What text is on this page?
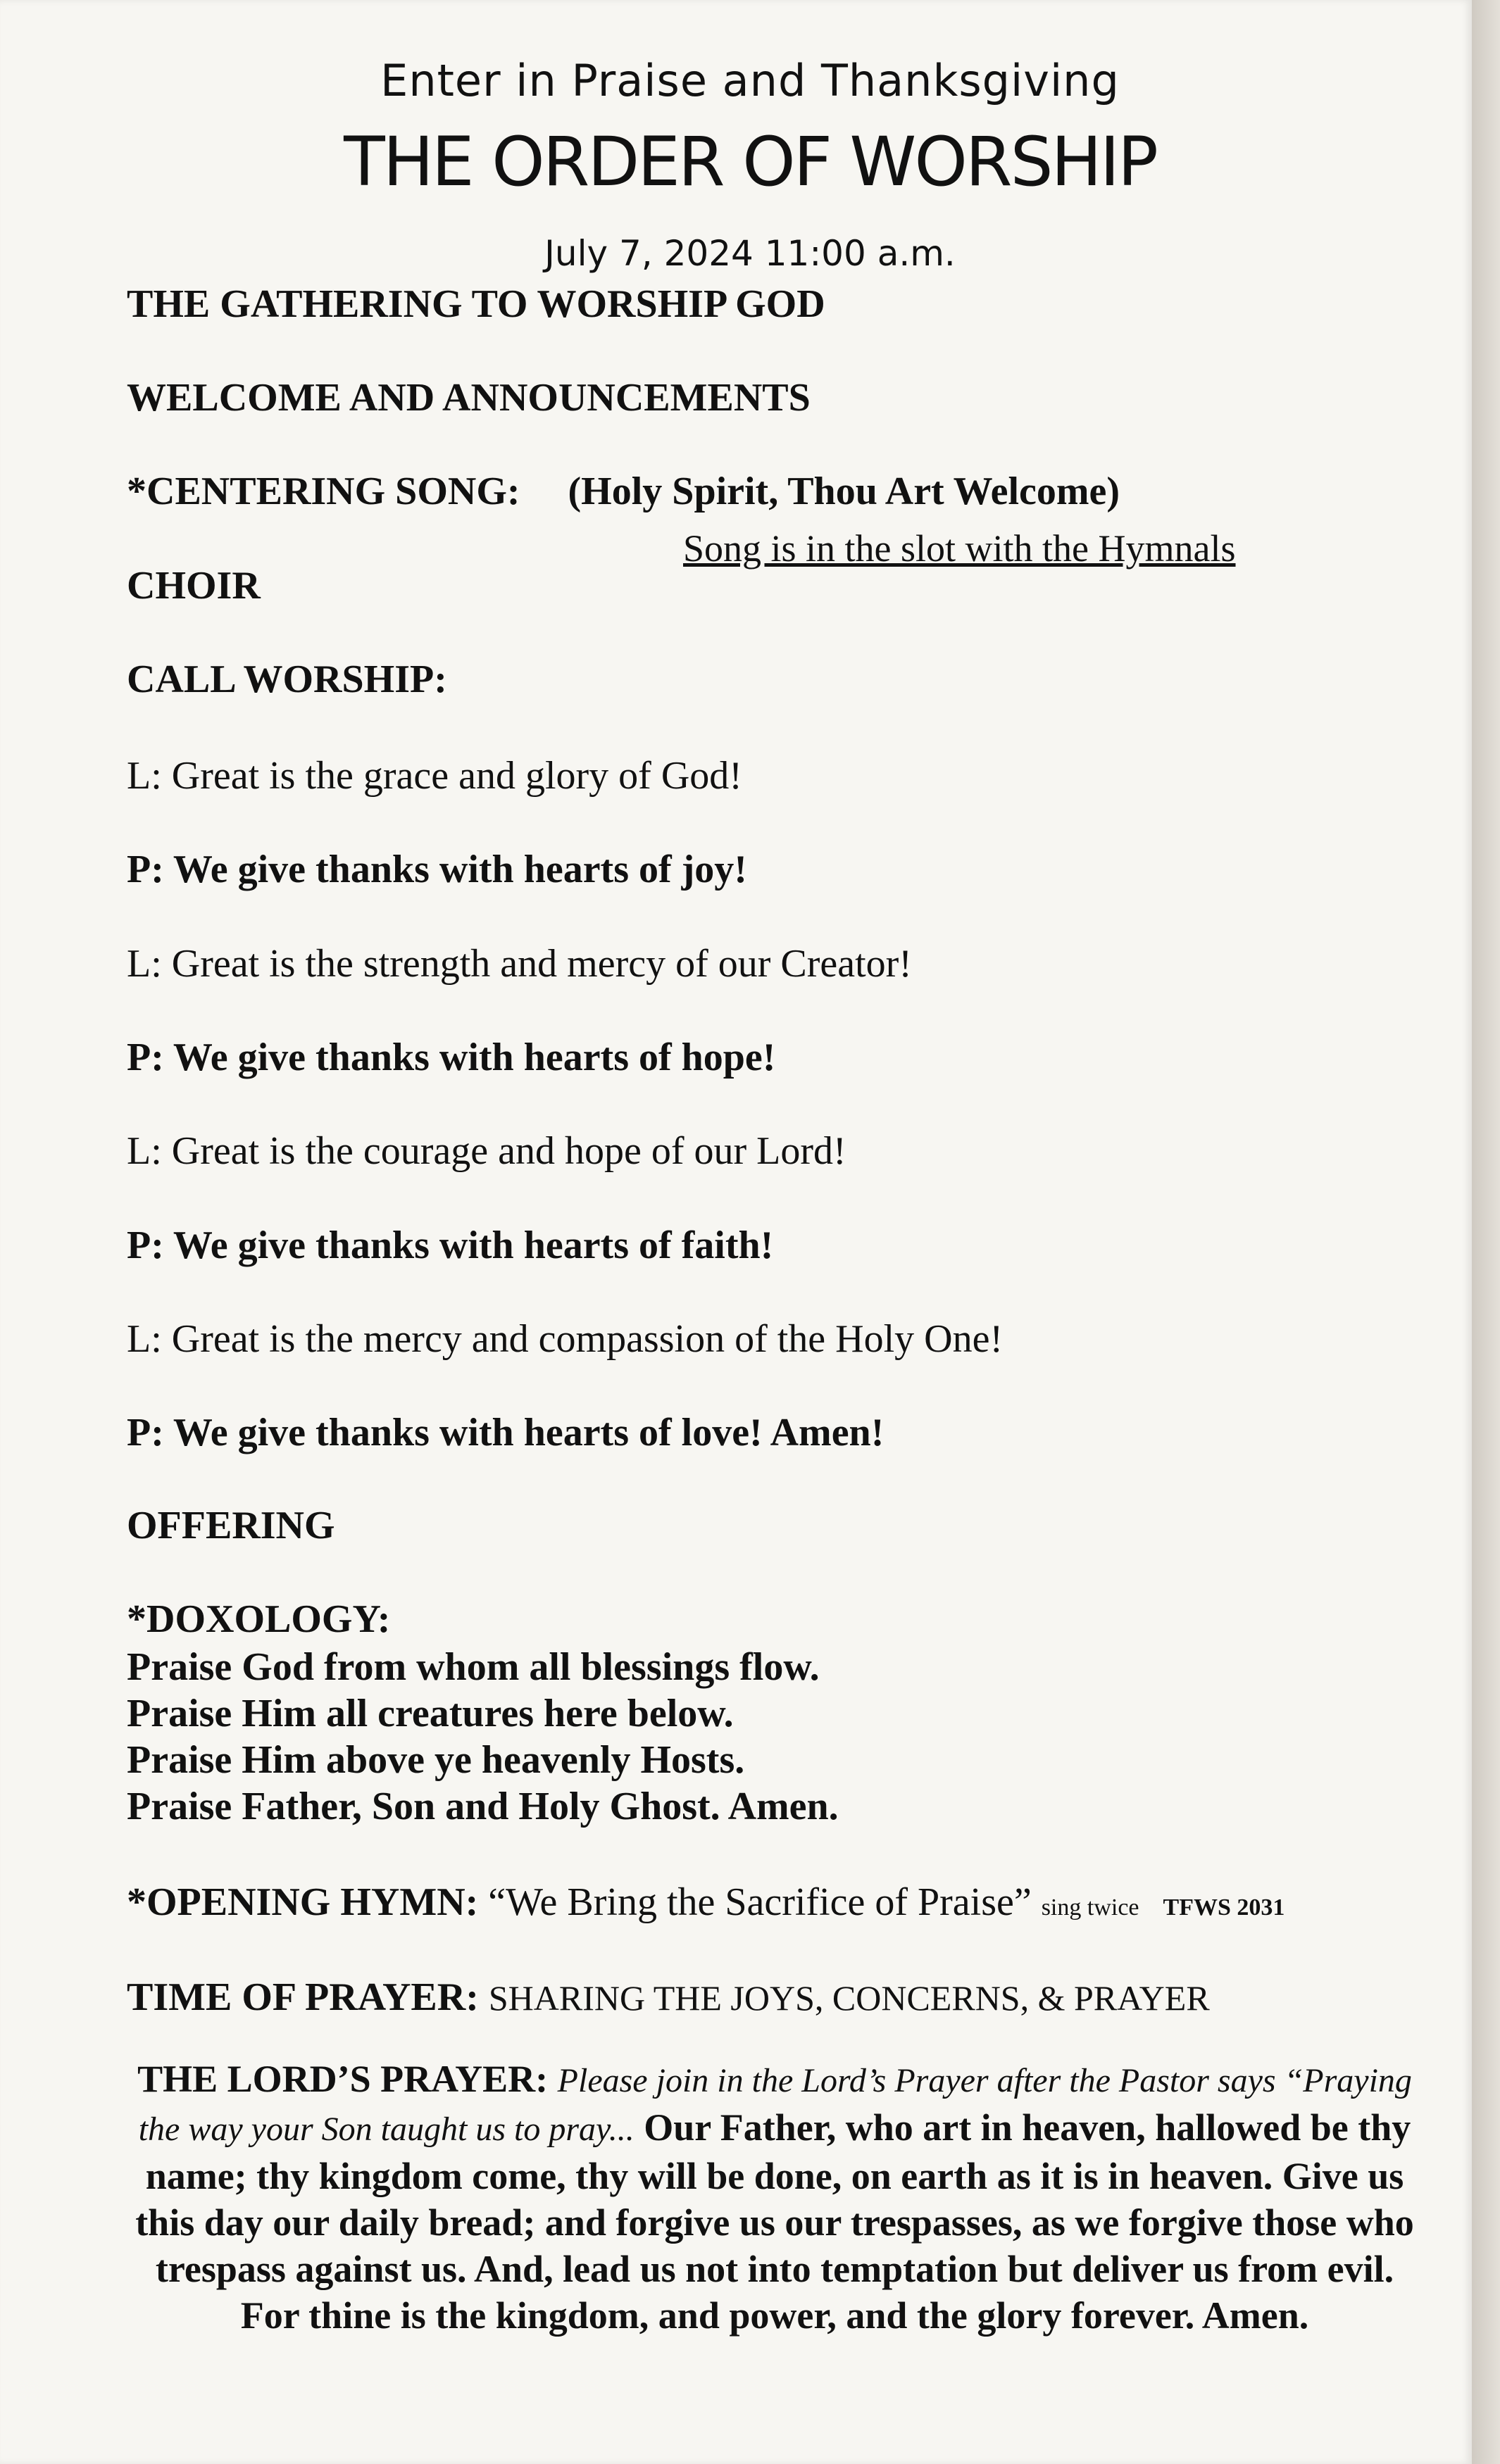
Enter in Praise and Thanksgiving
THE ORDER OF WORSHIP
July 7, 2024 11:00 a.m.
THE GATHERING TO WORSHIP GOD
WELCOME AND ANNOUNCEMENTS
*CENTERING SONG: (Holy Spirit, Thou Art Welcome)
Song is in the slot with the Hymnals
CHOIR
CALL WORSHIP:
L: Great is the grace and glory of God!
P: We give thanks with hearts of joy!
L: Great is the strength and mercy of our Creator!
P: We give thanks with hearts of hope!
L: Great is the courage and hope of our Lord!
P: We give thanks with hearts of faith!
L: Great is the mercy and compassion of the Holy One!
P: We give thanks with hearts of love! Amen!
OFFERING
*DOXOLOGY:
Praise God from whom all blessings flow.
Praise Him all creatures here below.
Praise Him above ye heavenly Hosts.
Praise Father, Son and Holy Ghost. Amen.
*OPENING HYMN: “We Bring the Sacrifice of Praise” sing twice TFWS 2031
TIME OF PRAYER: SHARING THE JOYS, CONCERNS, & PRAYER
THE LORD’S PRAYER: Please join in the Lord’s Prayer after the Pastor says “Praying the way your Son taught us to pray... Our Father, who art in heaven, hallowed be thy name; thy kingdom come, thy will be done, on earth as it is in heaven. Give us this day our daily bread; and forgive us our trespasses, as we forgive those who trespass against us. And, lead us not into temptation but deliver us from evil. For thine is the kingdom, and power, and the glory forever. Amen.
